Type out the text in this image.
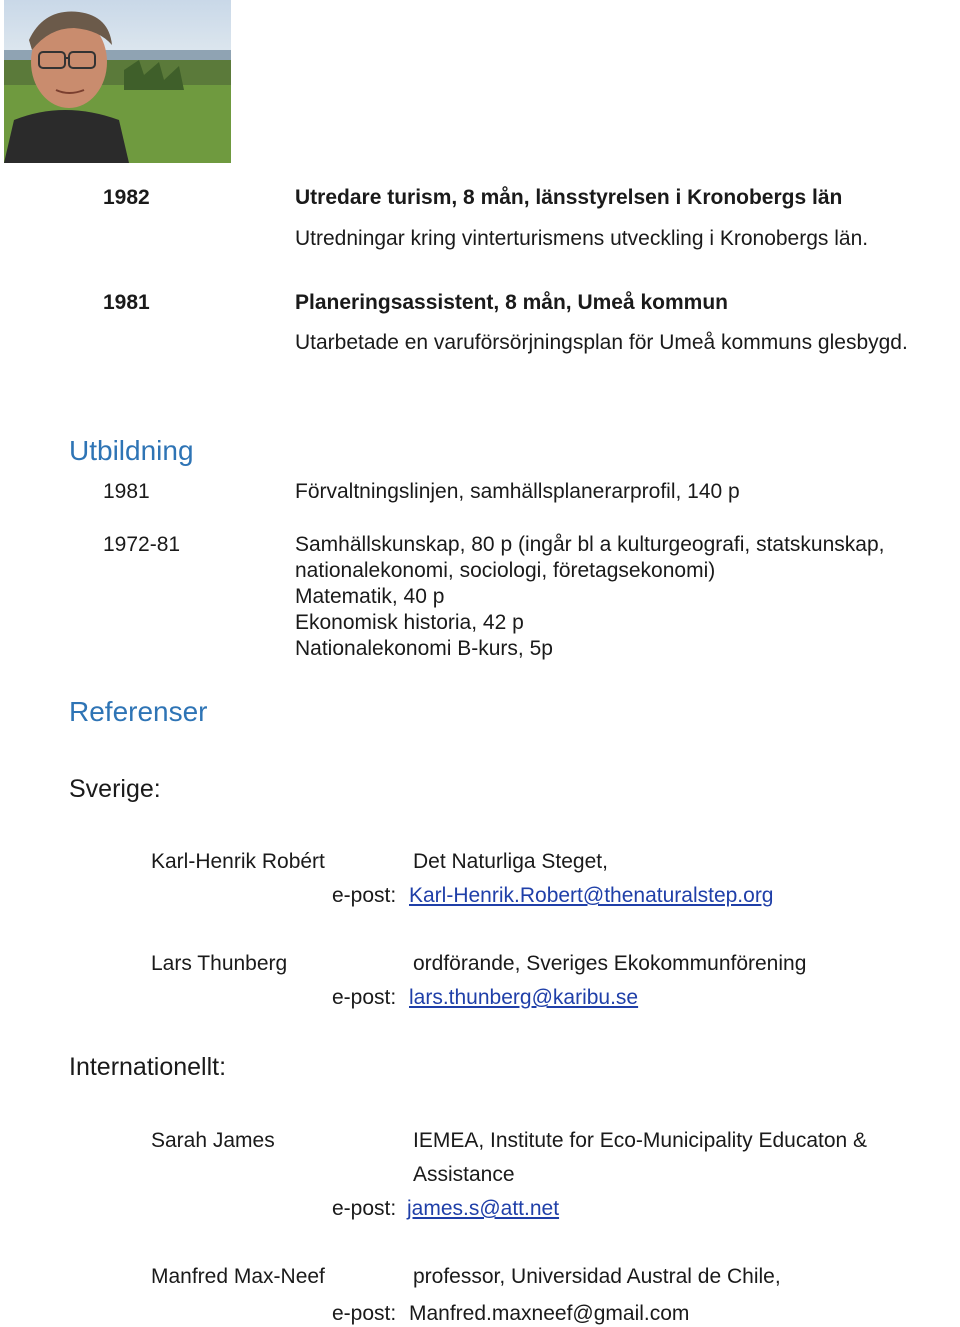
1982	Utredare turism, 8 mån, länsstyrelsen i Kronobergs län
Utredningar kring vinterturismens utveckling i Kronobergs län.
1981	Planeringsassistent, 8 mån, Umeå kommun
Utarbetade en varuförsörjningsplan för Umeå kommuns glesbygd.
Utbildning
1981	Förvaltningslinjen, samhällsplanerarprofil, 140 p
1972-81	Samhällskunskap, 80 p (ingår bl a kulturgeografi, statskunskap,
nationalekonomi, sociologi, företagsekonomi)
Matematik, 40 p
Ekonomisk historia, 42 p
Nationalekonomi B-kurs, 5p
Referenser
Sverige:
Karl-Henrik Robért	Det Naturliga Steget,
e-post: Karl-Henrik.Robert@thenaturalstep.org
Lars Thunberg	ordförande, Sveriges Ekokommunförening
e-post: lars.thunberg@karibu.se
Internationellt:
Sarah James	IEMEA, Institute for Eco-Municipality Educaton &
Assistance
e-post: james.s@att.net
Manfred Max-Neef	professor, Universidad Austral de Chile,
e-post: Manfred.maxneef@gmail.com
